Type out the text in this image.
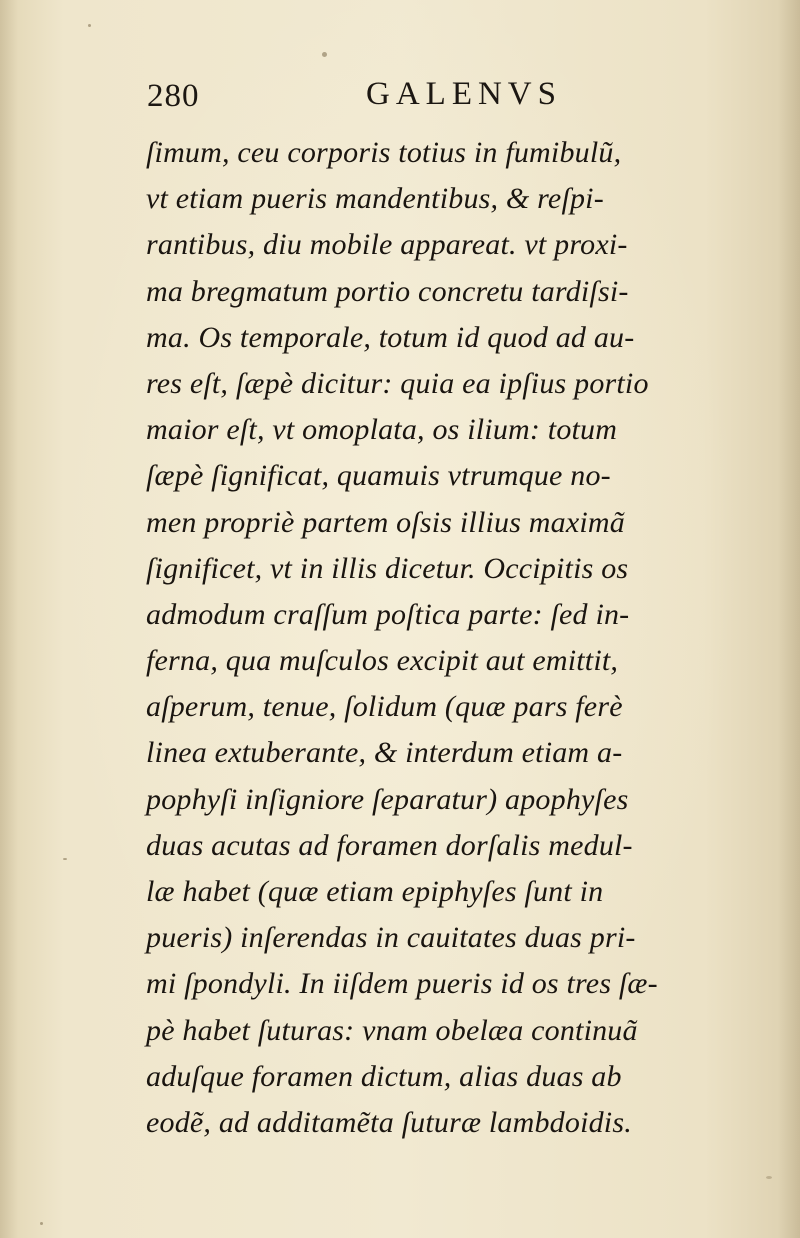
280	GALENVS
ſimum, ceu corporis totius in fumibulũ,
vt etiam pueris mandentibus, & reſpi-
rantibus, diu mobile appareat. vt proxi-
ma bregmatum portio concretu tardiſsi-
ma. Os temporale, totum id quod ad au-
res eſt, ſæpè dicitur: quia ea ipſius portio
maior eſt, vt omoplata, os ilium: totum
ſæpè ſignificat, quamuis vtrumque no-
men propriè partem oſsis illius maximã
ſignificet, vt in illis dicetur. Occipitis os
admodum craſſum poſtica parte: ſed in-
ferna, qua muſculos excipit aut emittit,
aſperum, tenue, ſolidum (quæ pars ferè
linea extuberante, & interdum etiam a-
pophyſi inſigniore ſeparatur) apophyſes
duas acutas ad foramen dorſalis medul-
læ habet (quæ etiam epiphyſes ſunt in
pueris) inſerendas in cauitates duas pri-
mi ſpondyli. In iiſdem pueris id os tres ſæ-
pè habet ſuturas: vnam obelæa continuã
aduſque foramen dictum, alias duas ab
eodẽ, ad additamẽta ſuturæ lambdoidis.
